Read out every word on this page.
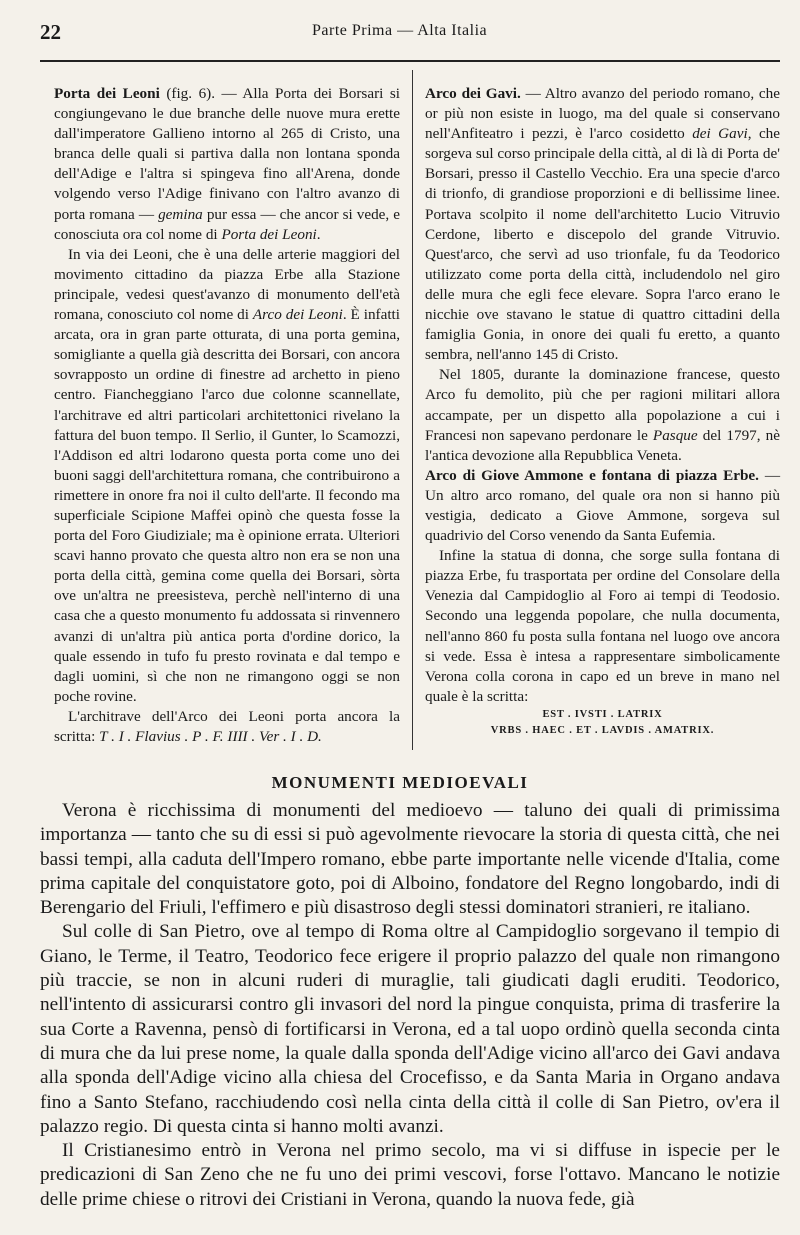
22	Parte Prima — Alta Italia

Porta dei Leoni (fig. 6). — Alla Porta dei Borsari si congiungevano le due branche delle nuove mura erette dall'imperatore Gallieno intorno al 265 di Cristo, una branca delle quali si partiva dalla non lontana sponda dell'Adige e l'altra si spingeva fino all'Arena, donde volgendo verso l'Adige finivano con l'altro avanzo di porta romana — gemina pur essa — che ancor si vede, e conosciuta ora col nome di Porta dei Leoni.

In via dei Leoni, che è una delle arterie maggiori del movimento cittadino da piazza Erbe alla Stazione principale, vedesi quest'avanzo di monumento dell'età romana, conosciuto col nome di Arco dei Leoni. È infatti arcata, ora in gran parte otturata, di una porta gemina, somigliante a quella già descritta dei Borsari, con ancora sovrapposto un ordine di finestre ad archetto in pieno centro. Fiancheggiano l'arco due colonne scannellate, l'architrave ed altri particolari architettonici rivelano la fattura del buon tempo. Il Serlio, il Gunter, lo Scamozzi, l'Addison ed altri lodarono questa porta come uno dei buoni saggi dell'architettura romana, che contribuirono a rimettere in onore fra noi il culto dell'arte. Il fecondo ma superficiale Scipione Maffei opinò che questa fosse la porta del Foro Giudiziale; ma è opinione errata. Ulteriori scavi hanno provato che questa altro non era se non una porta della città, gemina come quella dei Borsari, sòrta ove un'altra ne preesisteva, perchè nell'interno di una casa che a questo monumento fu addossata si rinvennero avanzi di un'altra più antica porta d'ordine dorico, la quale essendo in tufo fu presto rovinata e dal tempo e dagli uomini, sì che non ne rimangono oggi se non poche rovine.

L'architrave dell'Arco dei Leoni porta ancora la scritta: T . I . Flavius . P . F. IIII . Ver . I . D.

Arco dei Gavi. — Altro avanzo del periodo romano, che or più non esiste in luogo, ma del quale si conservano nell'Anfiteatro i pezzi, è l'arco cosidetto dei Gavi, che sorgeva sul corso principale della città, al di là di Porta de' Borsari, presso il Castello Vecchio. Era una specie d'arco di trionfo, di grandiose proporzioni e di bellissime linee. Portava scolpito il nome dell'architetto Lucio Vitruvio Cerdone, liberto e discepolo del grande Vitruvio. Quest'arco, che servì ad uso trionfale, fu da Teodorico utilizzato come porta della città, includendolo nel giro delle mura che egli fece elevare. Sopra l'arco erano le nicchie ove stavano le statue di quattro cittadini della famiglia Gonia, in onore dei quali fu eretto, a quanto sembra, nell'anno 145 di Cristo.

Nel 1805, durante la dominazione francese, questo Arco fu demolito, più che per ragioni militari allora accampate, per un dispetto alla popolazione a cui i Francesi non sapevano perdonare le Pasque del 1797, nè l'antica devozione alla Repubblica Veneta.

Arco di Giove Ammone e fontana di piazza Erbe. — Un altro arco romano, del quale ora non si hanno più vestigia, dedicato a Giove Ammone, sorgeva sul quadrivio del Corso venendo da Santa Eufemia.

Infine la statua di donna, che sorge sulla fontana di piazza Erbe, fu trasportata per ordine del Consolare della Venezia dal Campidoglio al Foro ai tempi di Teodosio. Secondo una leggenda popolare, che nulla documenta, nell'anno 860 fu posta sulla fontana nel luogo ove ancora si vede. Essa è intesa a rappresentare simbolicamente Verona colla corona in capo ed un breve in mano nel quale è la scritta:

EST . IVSTI . LATRIX
VRBS . HAEC . ET . LAVDIS . AMATRIX.

MONUMENTI MEDIOEVALI

Verona è ricchissima di monumenti del medioevo — taluno dei quali di primissima importanza — tanto che su di essi si può agevolmente rievocare la storia di questa città, che nei bassi tempi, alla caduta dell'Impero romano, ebbe parte importante nelle vicende d'Italia, come prima capitale del conquistatore goto, poi di Alboino, fondatore del Regno longobardo, indi di Berengario del Friuli, l'effimero e più disastroso degli stessi dominatori stranieri, re italiano.

Sul colle di San Pietro, ove al tempo di Roma oltre al Campidoglio sorgevano il tempio di Giano, le Terme, il Teatro, Teodorico fece erigere il proprio palazzo del quale non rimangono più traccie, se non in alcuni ruderi di muraglie, tali giudicati dagli eruditi. Teodorico, nell'intento di assicurarsi contro gli invasori del nord la pingue conquista, prima di trasferire la sua Corte a Ravenna, pensò di fortificarsi in Verona, ed a tal uopo ordinò quella seconda cinta di mura che da lui prese nome, la quale dalla sponda dell'Adige vicino all'arco dei Gavi andava alla sponda dell'Adige vicino alla chiesa del Crocefisso, e da Santa Maria in Organo andava fino a Santo Stefano, racchiudendo così nella cinta della città il colle di San Pietro, ov'era il palazzo regio. Di questa cinta si hanno molti avanzi.

Il Cristianesimo entrò in Verona nel primo secolo, ma vi si diffuse in ispecie per le predicazioni di San Zeno che ne fu uno dei primi vescovi, forse l'ottavo. Mancano le notizie delle prime chiese o ritrovi dei Cristiani in Verona, quando la nuova fede, già
